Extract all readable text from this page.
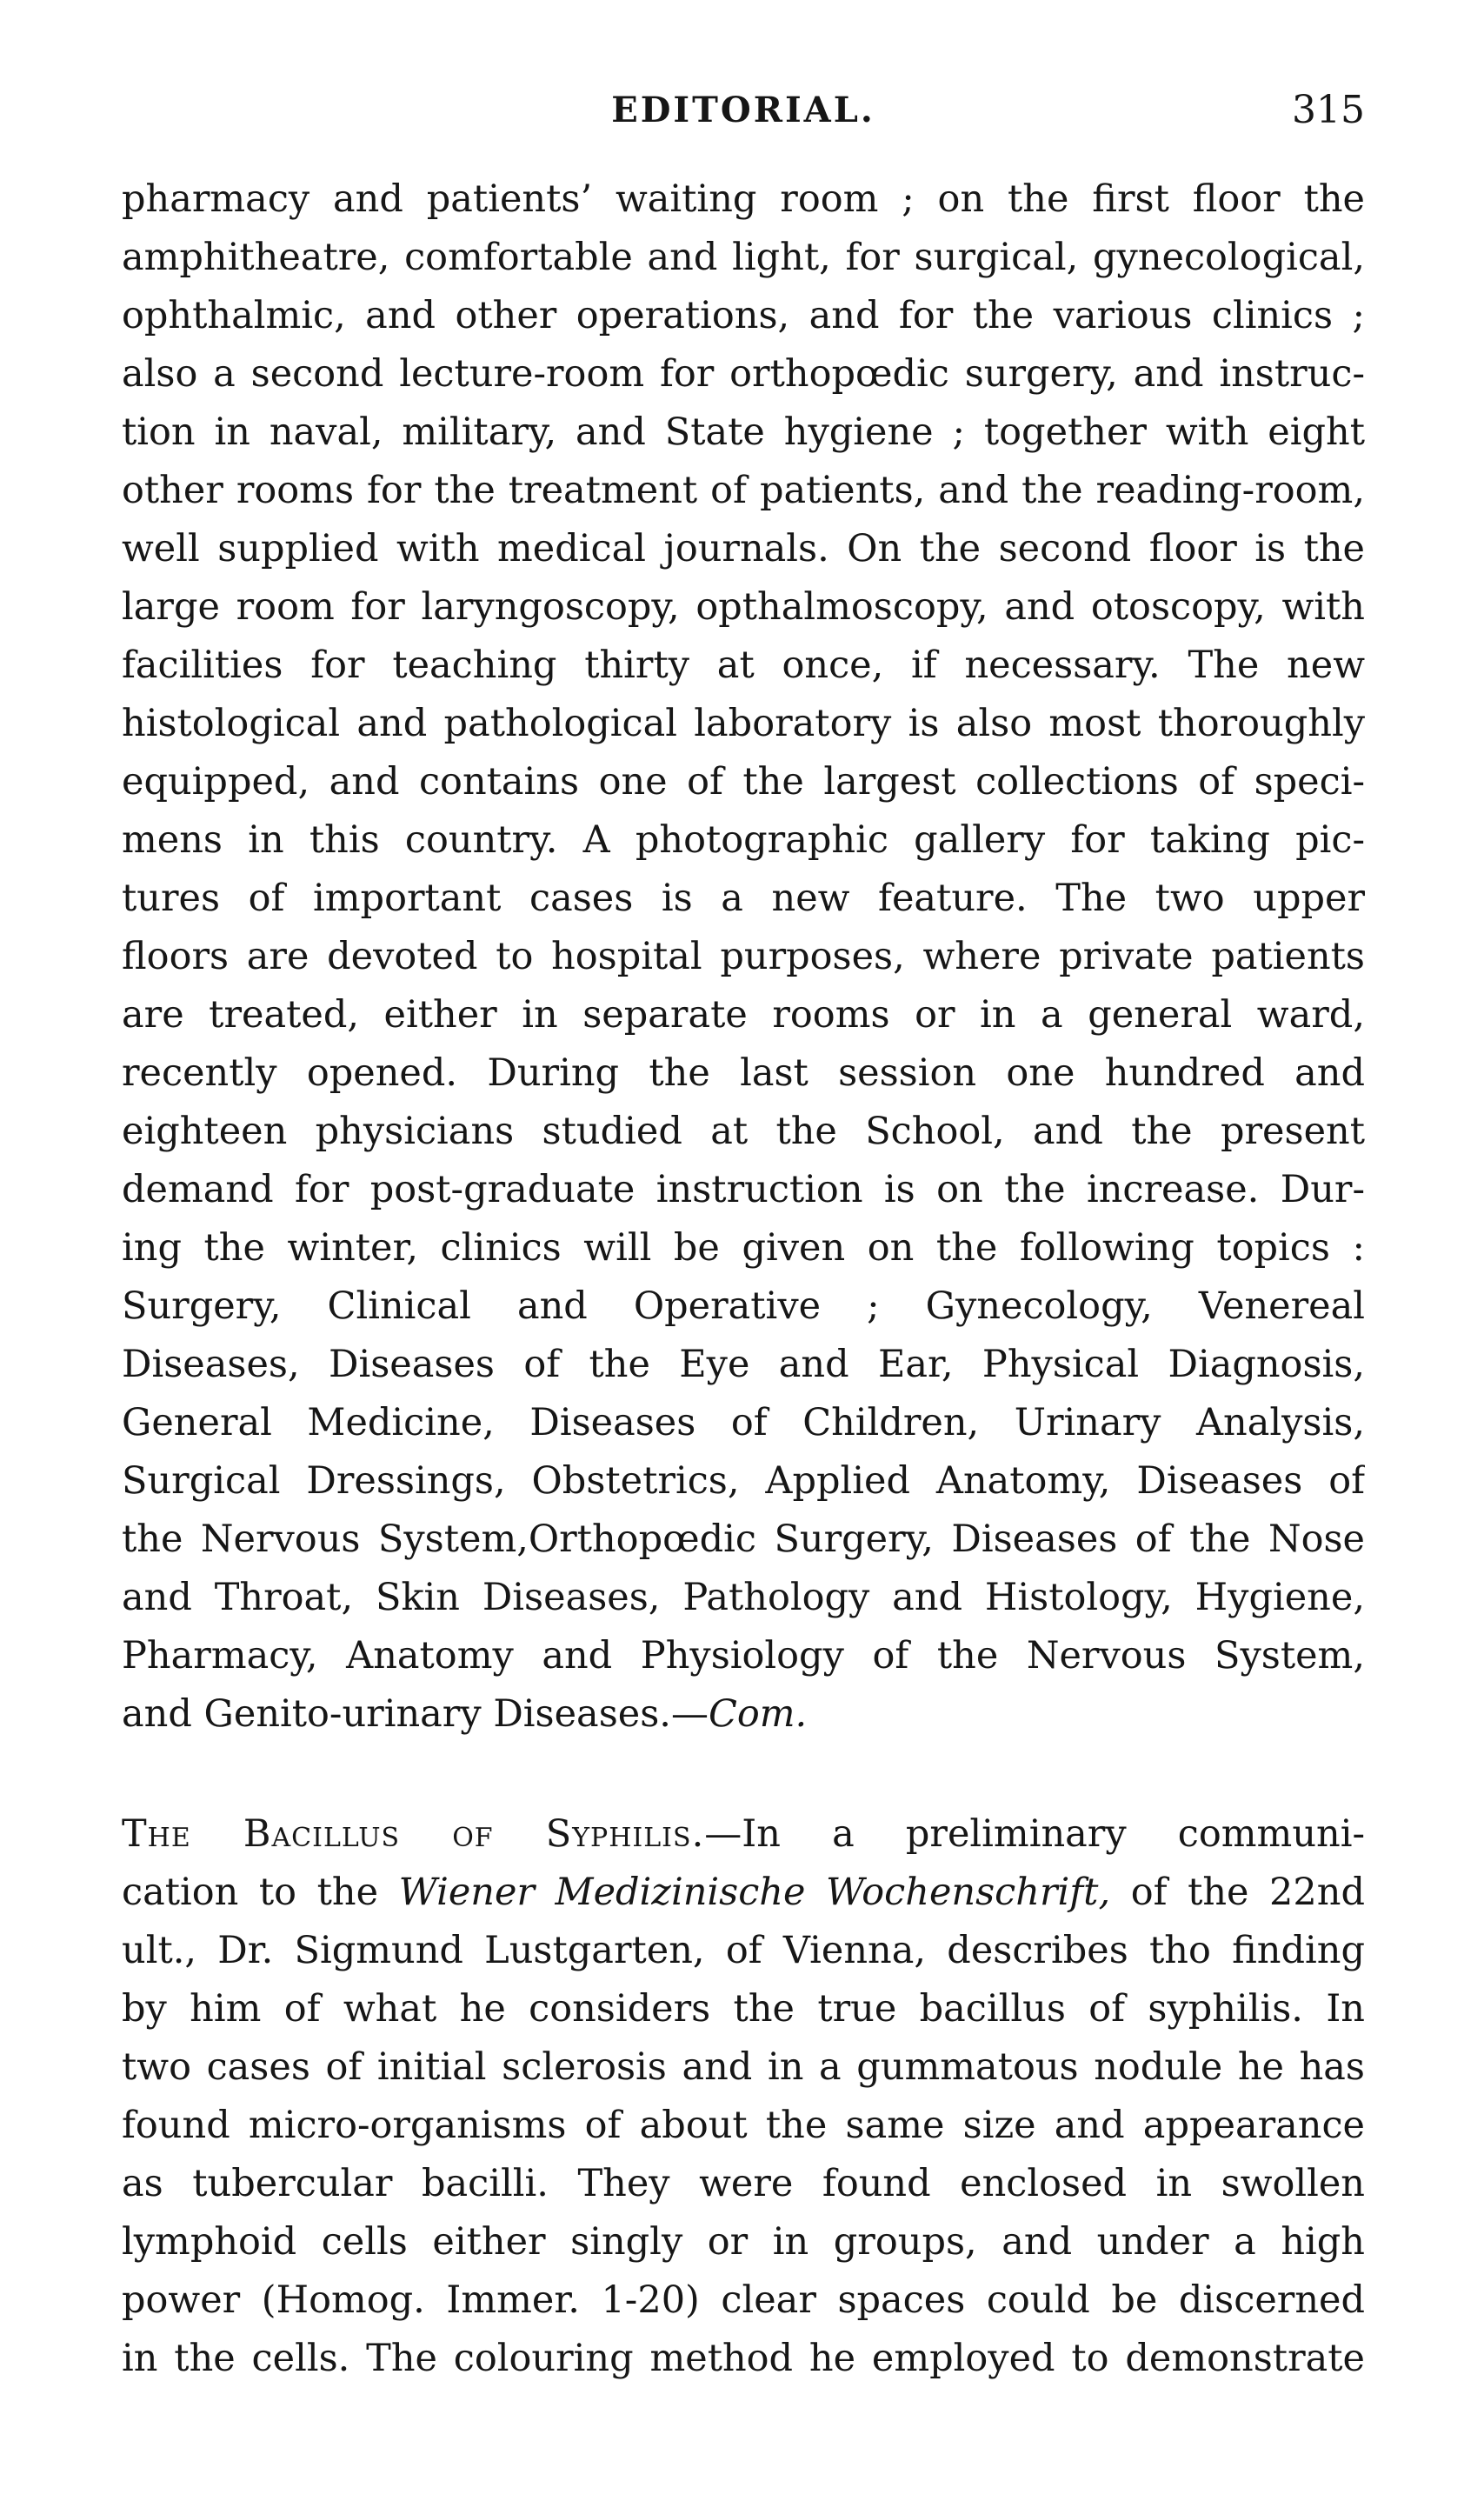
EDITORIAL.	315
pharmacy and patients’ waiting room ; on the first floor the
amphitheatre, comfortable and light, for surgical, gynecological,
ophthalmic, and other operations, and for the various clinics ;
also a second lecture-room for orthopœdic surgery, and instruc-
tion in naval, military, and State hygiene ; together with eight
other rooms for the treatment of patients, and the reading-room,
well supplied with medical journals. On the second floor is the
large room for laryngoscopy, opthalmoscopy, and otoscopy, with
facilities for teaching thirty at once, if necessary. The new
histological and pathological laboratory is also most thoroughly
equipped, and contains one of the largest collections of speci-
mens in this country. A photographic gallery for taking pic-
tures of important cases is a new feature. The two upper
floors are devoted to hospital purposes, where private patients
are treated, either in separate rooms or in a general ward,
recently opened. During the last session one hundred and
eighteen physicians studied at the School, and the present
demand for post-graduate instruction is on the increase. Dur-
ing the winter, clinics will be given on the following topics :
Surgery, Clinical and Operative ; Gynecology, Venereal
Diseases, Diseases of the Eye and Ear, Physical Diagnosis,
General Medicine, Diseases of Children, Urinary Analysis,
Surgical Dressings, Obstetrics, Applied Anatomy, Diseases of
the Nervous System,Orthopœdic Surgery, Diseases of the Nose
and Throat, Skin Diseases, Pathology and Histology, Hygiene,
Pharmacy, Anatomy and Physiology of the Nervous System,
and Genito-urinary Diseases.—Com.
The Bacillus of Syphilis.—In a preliminary communi-
cation to the Wiener Medizinische Wochenschrift, of the 22nd
ult., Dr. Sigmund Lustgarten, of Vienna, describes tho finding
by him of what he considers the true bacillus of syphilis. In
two cases of initial sclerosis and in a gummatous nodule he has
found micro-organisms of about the same size and appearance
as tubercular bacilli. They were found enclosed in swollen
lymphoid cells either singly or in groups, and under a high
power (Homog. Immer. 1-20) clear spaces could be discerned
in the cells. The colouring method he employed to demonstrate
